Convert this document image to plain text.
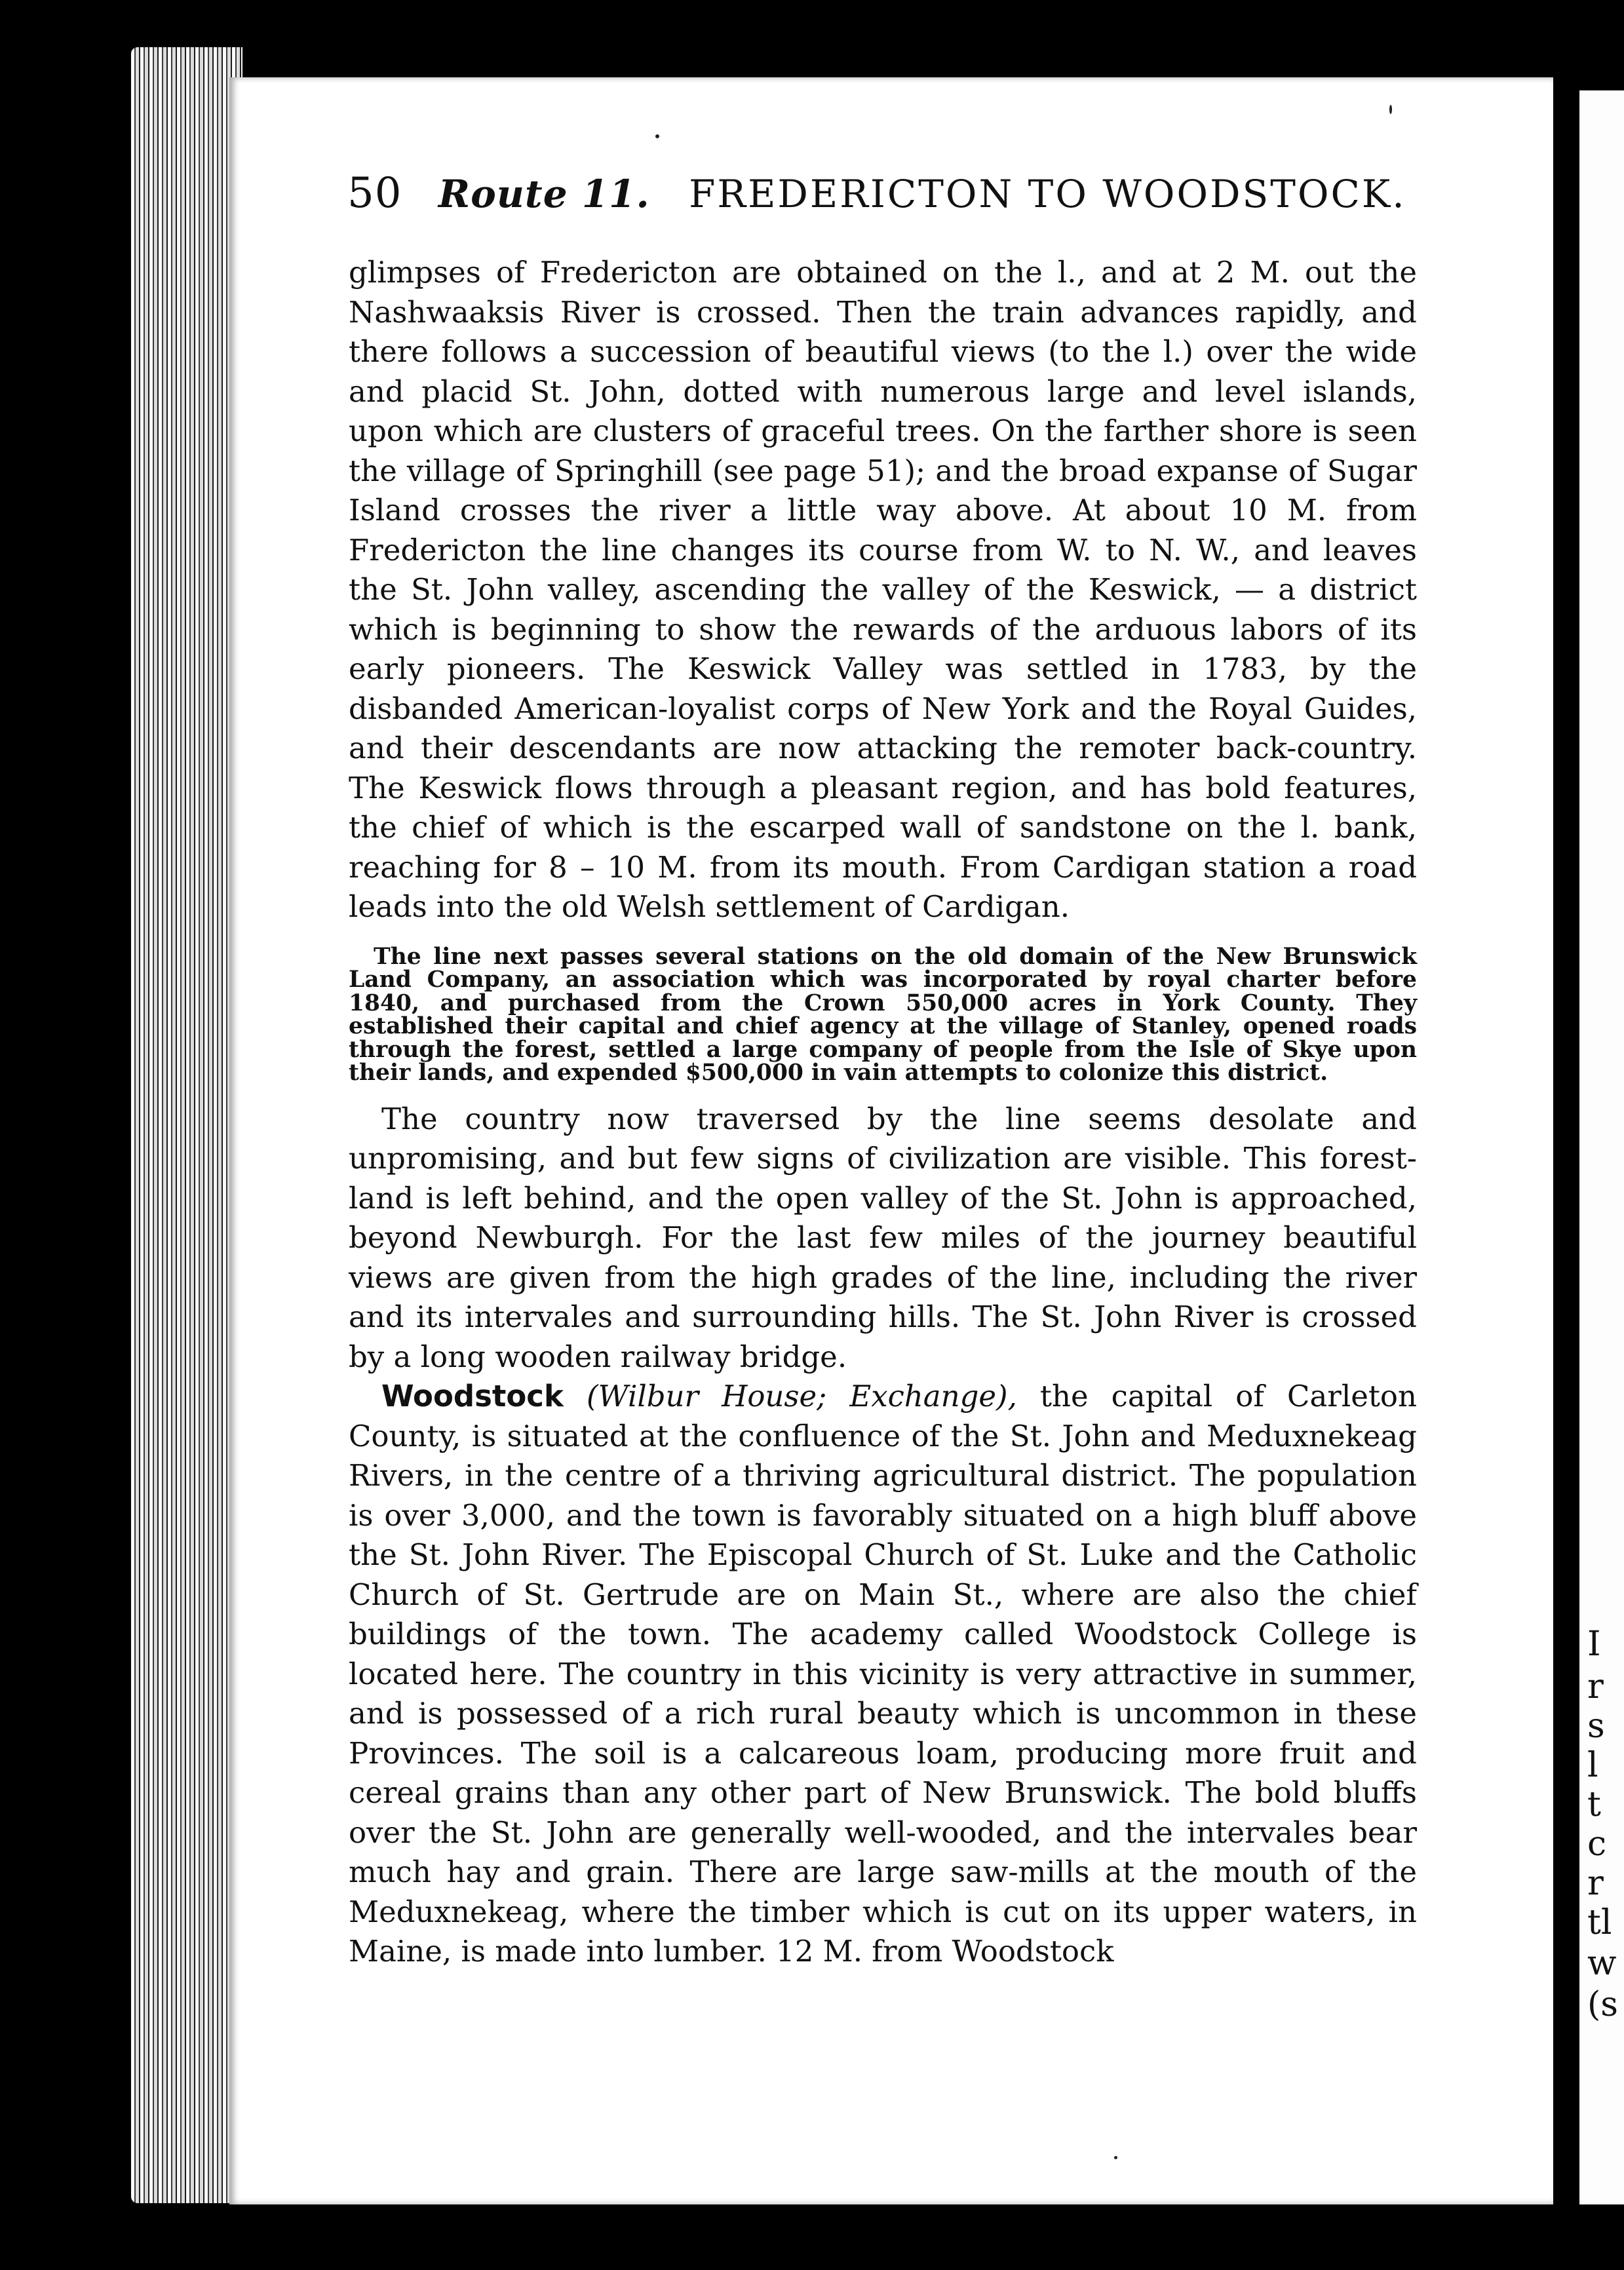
I
r
s
l
t
c
r
tl
w
(s
50 Route 11. FREDERICTON TO WOODSTOCK.

glimpses of Fredericton are obtained on the l., and at 2 M. out the Nashwaaksis River is crossed. Then the train advances rapidly, and there follows a succession of beautiful views (to the l.) over the wide and placid St. John, dotted with numerous large and level islands, upon which are clusters of graceful trees. On the farther shore is seen the village of Springhill (see page 51); and the broad expanse of Sugar Island crosses the river a little way above. At about 10 M. from Fredericton the line changes its course from W. to N. W., and leaves the St. John valley, ascending the valley of the Keswick, — a district which is beginning to show the rewards of the arduous labors of its early pioneers. The Keswick Valley was settled in 1783, by the disbanded American-loyalist corps of New York and the Royal Guides, and their descendants are now attacking the remoter back-country. The Keswick flows through a pleasant region, and has bold features, the chief of which is the escarped wall of sandstone on the l. bank, reaching for 8 – 10 M. from its mouth. From Cardigan station a road leads into the old Welsh settlement of Cardigan.

The line next passes several stations on the old domain of the New Brunswick Land Company, an association which was incorporated by royal charter before 1840, and purchased from the Crown 550,000 acres in York County. They established their capital and chief agency at the village of Stanley, opened roads through the forest, settled a large company of people from the Isle of Skye upon their lands, and expended $500,000 in vain attempts to colonize this district.

The country now traversed by the line seems desolate and unpromising, and but few signs of civilization are visible. This forest-land is left behind, and the open valley of the St. John is approached, beyond Newburgh. For the last few miles of the journey beautiful views are given from the high grades of the line, including the river and its intervales and surrounding hills. The St. John River is crossed by a long wooden railway bridge.

Woodstock (Wilbur House; Exchange), the capital of Carleton County, is situated at the confluence of the St. John and Meduxnekeag Rivers, in the centre of a thriving agricultural district. The population is over 3,000, and the town is favorably situated on a high bluff above the St. John River. The Episcopal Church of St. Luke and the Catholic Church of St. Gertrude are on Main St., where are also the chief buildings of the town. The academy called Woodstock College is located here. The country in this vicinity is very attractive in summer, and is possessed of a rich rural beauty which is uncommon in these Provinces. The soil is a calcareous loam, producing more fruit and cereal grains than any other part of New Brunswick. The bold bluffs over the St. John are generally well-wooded, and the intervales bear much hay and grain. There are large saw-mills at the mouth of the Meduxnekeag, where the timber which is cut on its upper waters, in Maine, is made into lumber. 12 M. from Woodstock
